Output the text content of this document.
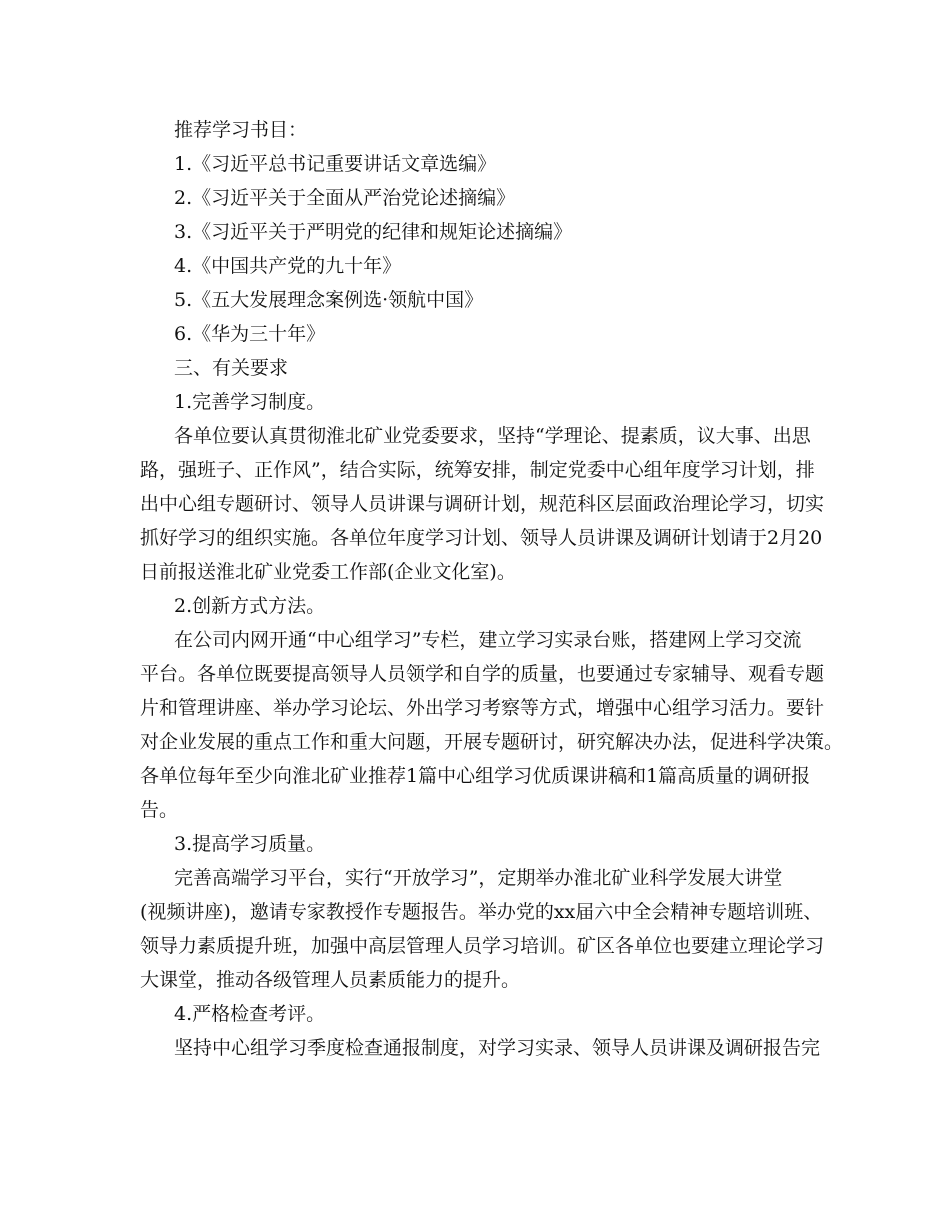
推荐学习书目：
1.《习近平总书记重要讲话文章选编》
2.《习近平关于全面从严治党论述摘编》
3.《习近平关于严明党的纪律和规矩论述摘编》
4.《中国共产党的九十年》
5.《五大发展理念案例选·领航中国》
6.《华为三十年》
三、有关要求
1.完善学习制度。
各单位要认真贯彻淮北矿业党委要求，坚持“学理论、提素质，议大事、出思
路，强班子、正作风”，结合实际，统筹安排，制定党委中心组年度学习计划，排
出中心组专题研讨、领导人员讲课与调研计划，规范科区层面政治理论学习，切实
抓好学习的组织实施。各单位年度学习计划、领导人员讲课及调研计划请于2月20
日前报送淮北矿业党委工作部(企业文化室)。
2.创新方式方法。
在公司内网开通“中心组学习”专栏，建立学习实录台账，搭建网上学习交流
平台。各单位既要提高领导人员领学和自学的质量，也要通过专家辅导、观看专题
片和管理讲座、举办学习论坛、外出学习考察等方式，增强中心组学习活力。要针
对企业发展的重点工作和重大问题，开展专题研讨，研究解决办法，促进科学决策。
各单位每年至少向淮北矿业推荐1篇中心组学习优质课讲稿和1篇高质量的调研报
告。
3.提高学习质量。
完善高端学习平台，实行“开放学习”，定期举办淮北矿业科学发展大讲堂
(视频讲座)，邀请专家教授作专题报告。举办党的xx届六中全会精神专题培训班、
领导力素质提升班，加强中高层管理人员学习培训。矿区各单位也要建立理论学习
大课堂，推动各级管理人员素质能力的提升。
4.严格检查考评。
坚持中心组学习季度检查通报制度，对学习实录、领导人员讲课及调研报告完
